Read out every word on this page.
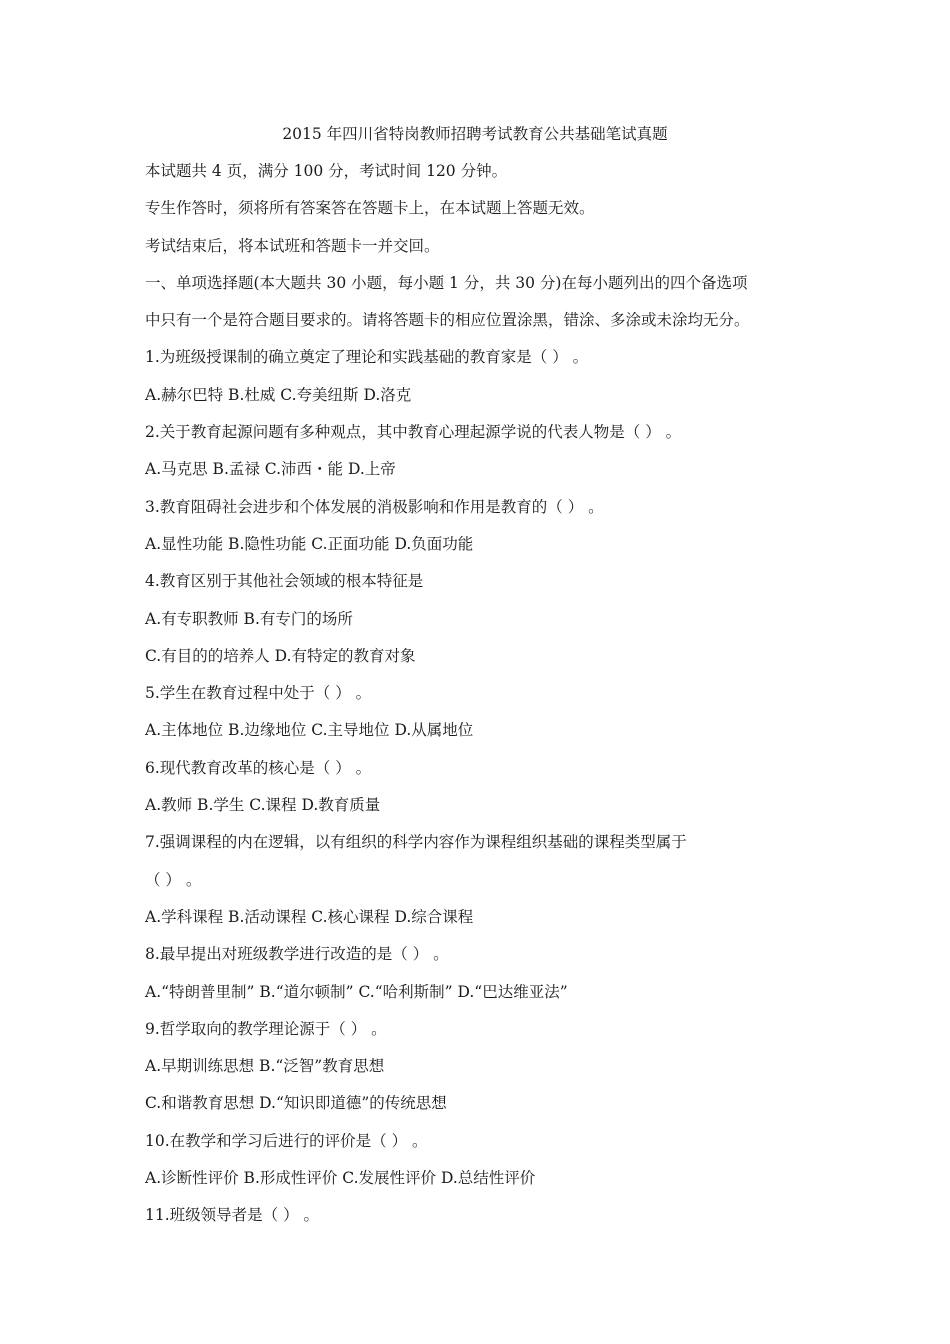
2015 年四川省特岗教师招聘考试教育公共基础笔试真题
本试题共 4 页，满分 100 分，考试时间 120 分钟。
专生作答时，须将所有答案答在答题卡上，在本试题上答题无效。
考试结束后，将本试班和答题卡一并交回。
一、单项选择题(本大题共 30 小题，每小题 1 分，共 30 分)在每小题列出的四个备选项
中只有一个是符合题目要求的。请将答题卡的相应位置涂黑，错涂、多涂或未涂均无分。
1.为班级授课制的确立奠定了理论和实践基础的教育家是（ ） 。
A.赫尔巴特 B.杜威 C.夸美纽斯 D.洛克
2.关于教育起源问题有多种观点，其中教育心理起源学说的代表人物是（ ） 。
A.马克思 B.孟禄 C.沛西・能 D.上帝
3.教育阻碍社会进步和个体发展的消极影响和作用是教育的（ ） 。
A.显性功能 B.隐性功能 C.正面功能 D.负面功能
4.教育区别于其他社会领域的根本特征是
A.有专职教师 B.有专门的场所
C.有目的的培养人 D.有特定的教育对象
5.学生在教育过程中处于（ ） 。
A.主体地位 B.边缘地位 C.主导地位 D.从属地位
6.现代教育改革的核心是（ ） 。
A.教师 B.学生 C.课程 D.教育质量
7.强调课程的内在逻辑，以有组织的科学内容作为课程组织基础的课程类型属于
（ ） 。
A.学科课程 B.活动课程 C.核心课程 D.综合课程
8.最早提出对班级教学进行改造的是（ ） 。
A.“特朗普里制” B.“道尔顿制” C.“哈利斯制” D.“巴达维亚法”
9.哲学取向的教学理论源于（ ） 。
A.早期训练思想 B.“泛智”教育思想
C.和谐教育思想 D.“知识即道德”的传统思想
10.在教学和学习后进行的评价是（ ） 。
A.诊断性评价 B.形成性评价 C.发展性评价 D.总结性评价
11.班级领导者是（ ） 。
